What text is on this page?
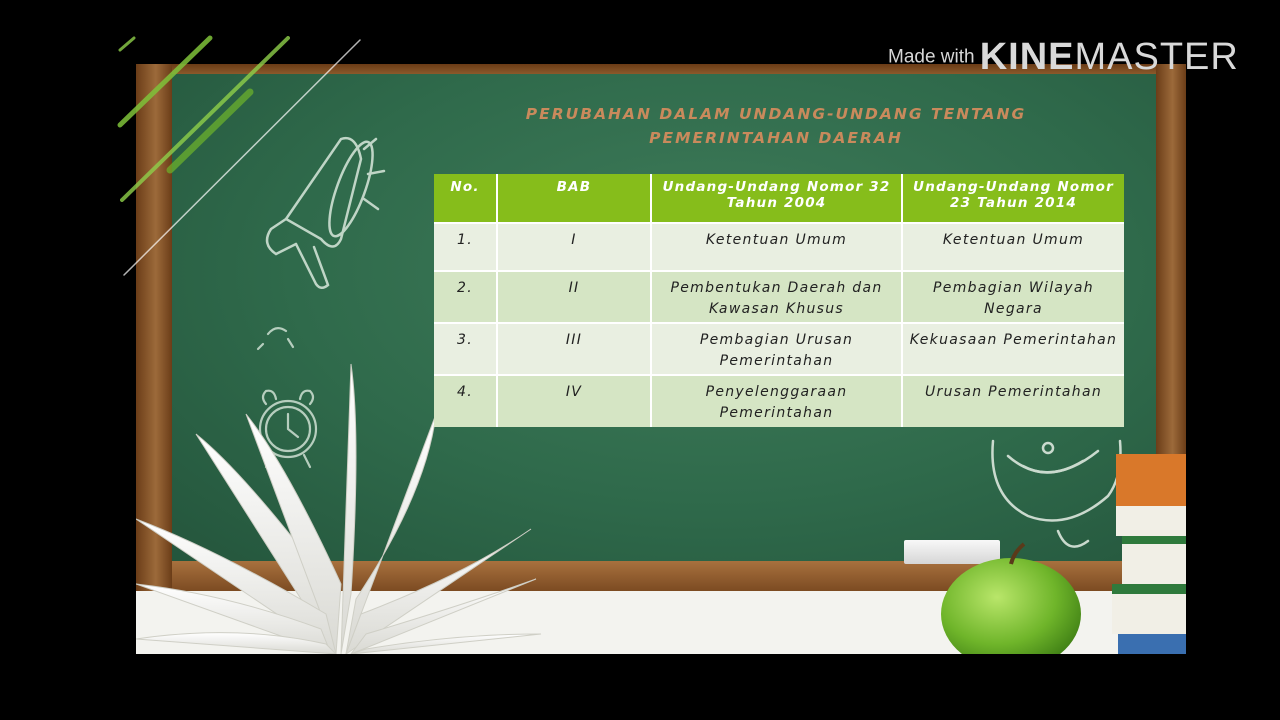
PERUBAHAN DALAM UNDANG-UNDANG TENTANG
PEMERINTAHAN DAERAH

No.	BAB	Undang-Undang Nomor 32 Tahun 2004	Undang-Undang Nomor 23 Tahun 2014
1.	I	Ketentuan Umum	Ketentuan Umum
2.	II	Pembentukan Daerah dan Kawasan Khusus	Pembagian Wilayah Negara
3.	III	Pembagian Urusan Pemerintahan	Kekuasaan Pemerintahan
4.	IV	Penyelenggaraan Pemerintahan	Urusan Pemerintahan
Made with KINEMASTER
